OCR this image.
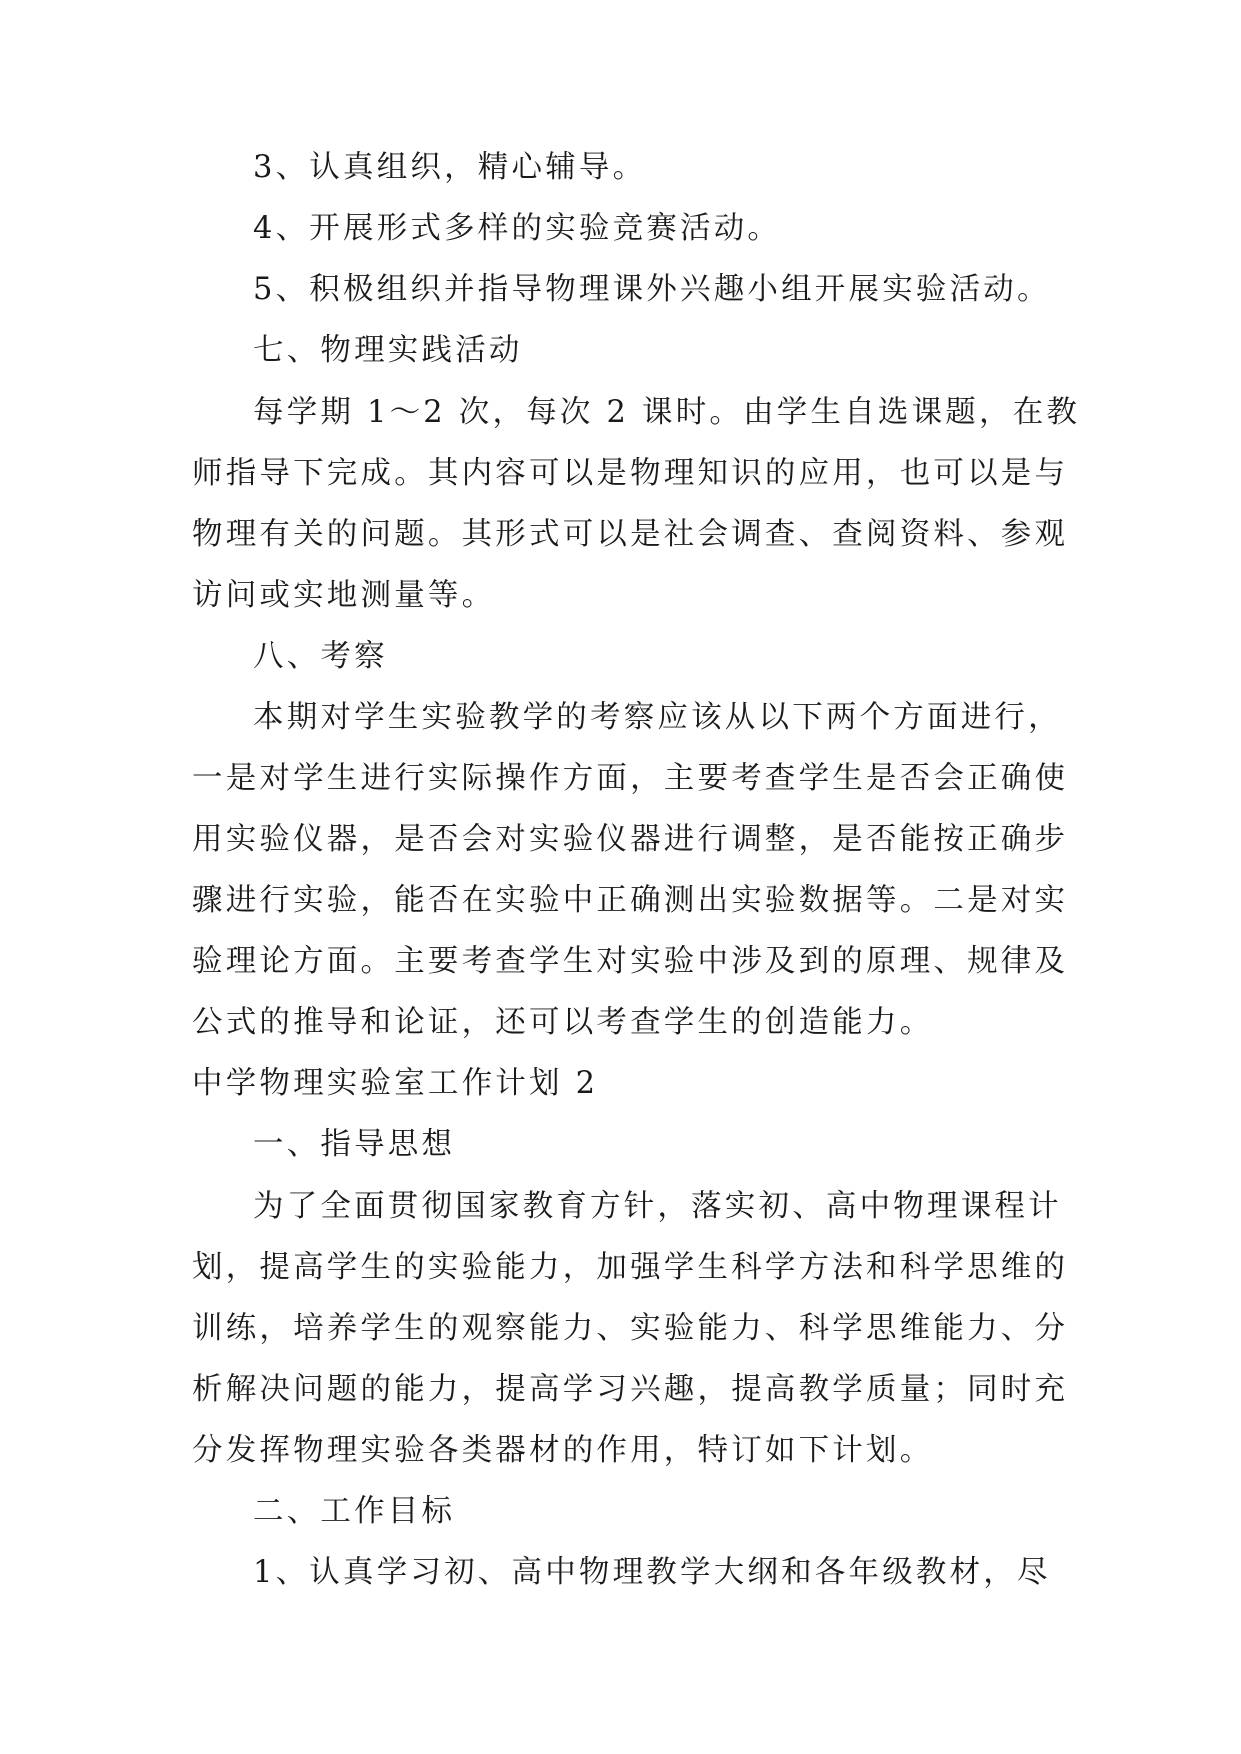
3、认真组织，精心辅导。

4、开展形式多样的实验竞赛活动。

5、积极组织并指导物理课外兴趣小组开展实验活动。

七、物理实践活动

每学期 1～2 次，每次 2 课时。由学生自选课题，在教

师指导下完成。其内容可以是物理知识的应用，也可以是与

物理有关的问题。其形式可以是社会调查、查阅资料、参观

访问或实地测量等。

八、考察

本期对学生实验教学的考察应该从以下两个方面进行，

一是对学生进行实际操作方面，主要考查学生是否会正确使

用实验仪器，是否会对实验仪器进行调整，是否能按正确步

骤进行实验，能否在实验中正确测出实验数据等。二是对实

验理论方面。主要考查学生对实验中涉及到的原理、规律及

公式的推导和论证，还可以考查学生的创造能力。

中学物理实验室工作计划 2

一、指导思想

为了全面贯彻国家教育方针，落实初、高中物理课程计

划，提高学生的实验能力，加强学生科学方法和科学思维的

训练，培养学生的观察能力、实验能力、科学思维能力、分

析解决问题的能力，提高学习兴趣，提高教学质量；同时充

分发挥物理实验各类器材的作用，特订如下计划。

二、工作目标

1、认真学习初、高中物理教学大纲和各年级教材，尽
